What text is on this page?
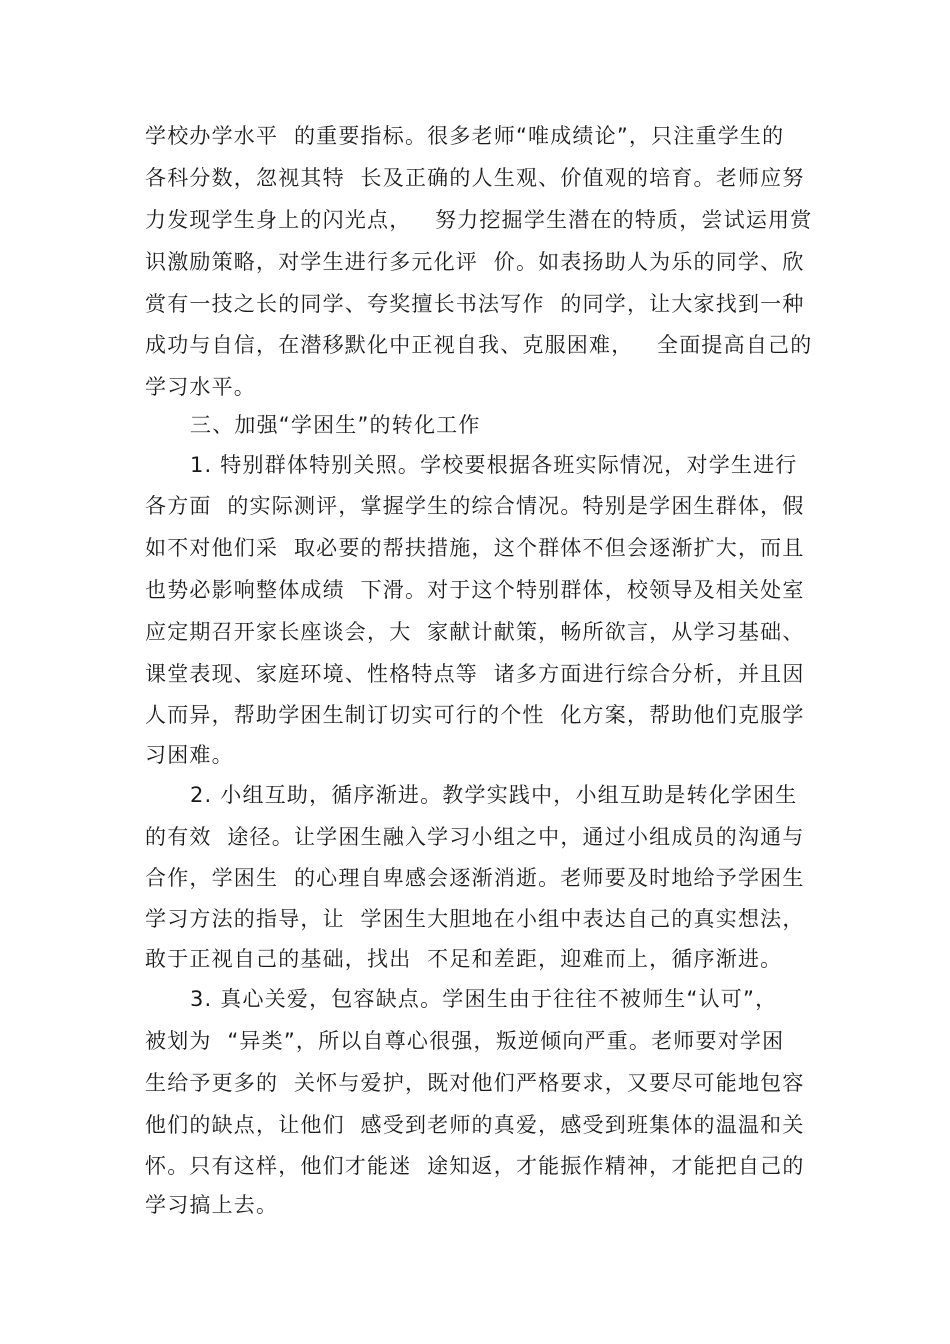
学校办学水平  的重要指标。很多老师“唯成绩论”，只注重学生的
各科分数，忽视其特  长及正确的人生观、价值观的培育。老师应努
力发现学生身上的闪光点，   努力挖掘学生潜在的特质，尝试运用赏
识激励策略，对学生进行多元化评  价。如表扬助人为乐的同学、欣
赏有一技之长的同学、夸奖擅长书法写作  的同学，让大家找到一种
成功与自信，在潜移默化中正视自我、克服困难，   全面提高自己的
学习水平。
三、加强“学困生”的转化工作
1. 特别群体特别关照。学校要根据各班实际情况，对学生进行
各方面  的实际测评，掌握学生的综合情况。特别是学困生群体，假
如不对他们采  取必要的帮扶措施，这个群体不但会逐渐扩大，而且
也势必影响整体成绩  下滑。对于这个特别群体，校领导及相关处室
应定期召开家长座谈会，大  家献计献策，畅所欲言，从学习基础、
课堂表现、家庭环境、性格特点等  诸多方面进行综合分析，并且因
人而异，帮助学困生制订切实可行的个性  化方案，帮助他们克服学
习困难。
2. 小组互助，循序渐进。教学实践中，小组互助是转化学困生
的有效  途径。让学困生融入学习小组之中，通过小组成员的沟通与
合作，学困生  的心理自卑感会逐渐消逝。老师要及时地给予学困生
学习方法的指导，让  学困生大胆地在小组中表达自己的真实想法，
敢于正视自己的基础，找出  不足和差距，迎难而上，循序渐进。
3. 真心关爱，包容缺点。学困生由于往往不被师生“认可”，
被划为  “异类”，所以自尊心很强，叛逆倾向严重。老师要对学困
生给予更多的  关怀与爱护，既对他们严格要求，又要尽可能地包容
他们的缺点，让他们  感受到老师的真爱，感受到班集体的温温和关
怀。只有这样，他们才能迷  途知返，才能振作精神，才能把自己的
学习搞上去。
